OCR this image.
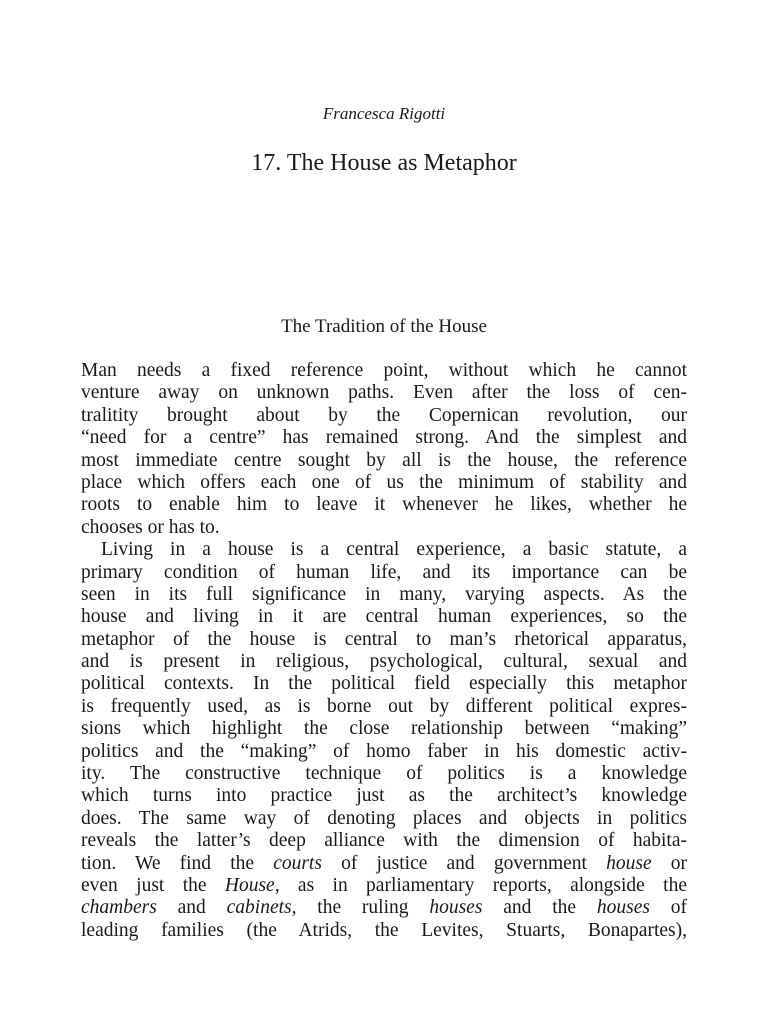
Francesca Rigotti
17. The House as Metaphor
The Tradition of the House
Man needs a fixed reference point, without which he cannot
venture away on unknown paths. Even after the loss of cen-
tralitity brought about by the Copernican revolution, our
“need for a centre” has remained strong. And the simplest and
most immediate centre sought by all is the house, the reference
place which offers each one of us the minimum of stability and
roots to enable him to leave it whenever he likes, whether he
chooses or has to.
Living in a house is a central experience, a basic statute, a
primary condition of human life, and its importance can be
seen in its full significance in many, varying aspects. As the
house and living in it are central human experiences, so the
metaphor of the house is central to man’s rhetorical apparatus,
and is present in religious, psychological, cultural, sexual and
political contexts. In the political field especially this metaphor
is frequently used, as is borne out by different political expres-
sions which highlight the close relationship between “making”
politics and the “making” of homo faber in his domestic activ-
ity. The constructive technique of politics is a knowledge
which turns into practice just as the architect’s knowledge
does. The same way of denoting places and objects in politics
reveals the latter’s deep alliance with the dimension of habita-
tion. We find the courts of justice and government house or
even just the House, as in parliamentary reports, alongside the
chambers and cabinets, the ruling houses and the houses of
leading families (the Atrids, the Levites, Stuarts, Bonapartes),
